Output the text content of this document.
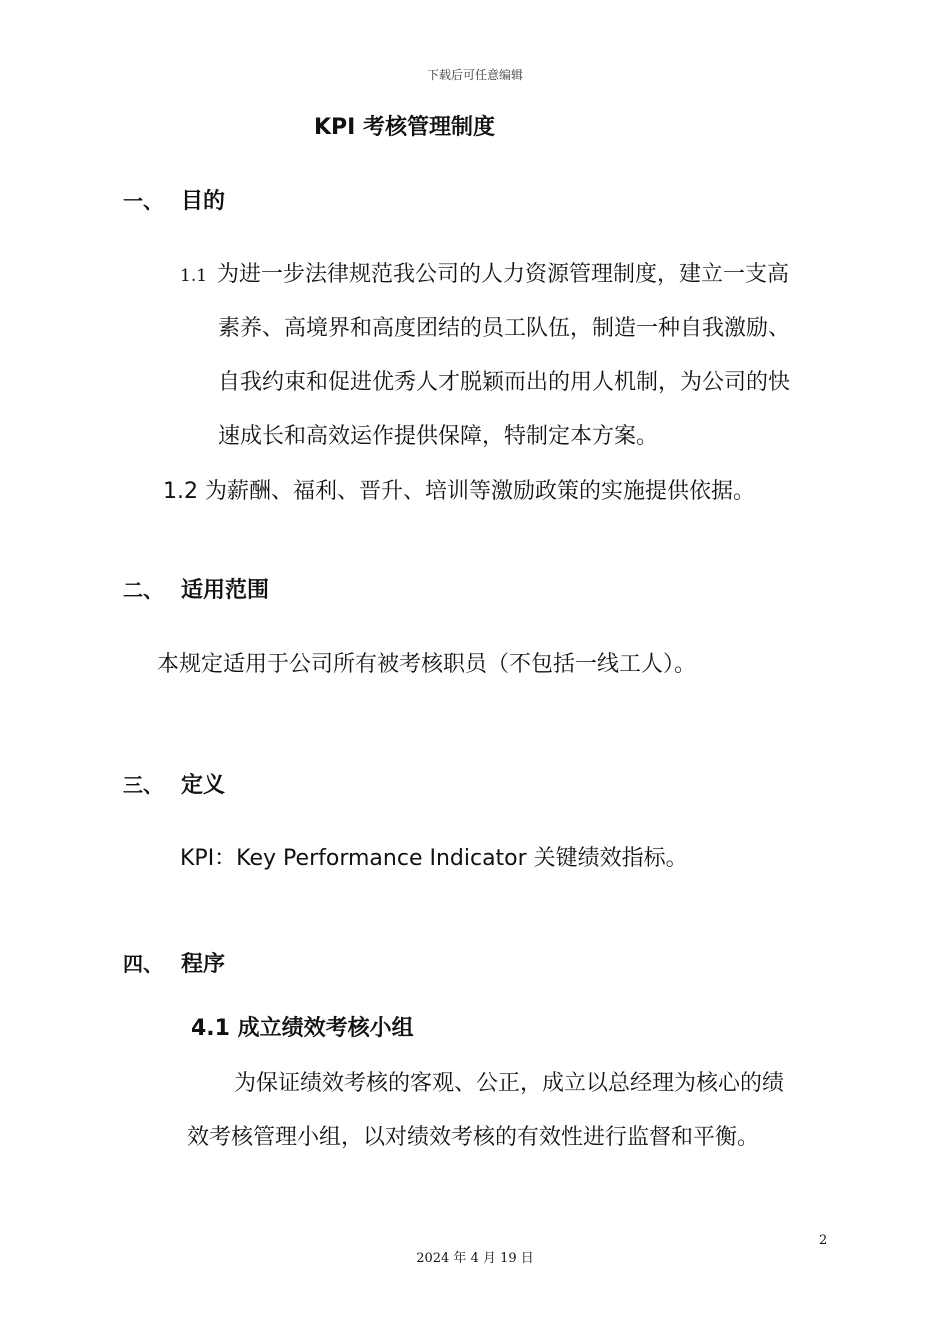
下载后可任意编辑
KPI 考核管理制度
一、 目的
1.1 为进一步法律规范我公司的人力资源管理制度，建立一支高
素养、高境界和高度团结的员工队伍，制造一种自我激励、
自我约束和促进优秀人才脱颖而出的用人机制，为公司的快
速成长和高效运作提供保障，特制定本方案。
1.2 为薪酬、福利、晋升、培训等激励政策的实施提供依据。
二、 适用范围
本规定适用于公司所有被考核职员（不包括一线工人）。
三、 定义
KPI：Key Performance Indicator 关键绩效指标。
四、 程序
4.1 成立绩效考核小组
为保证绩效考核的客观、公正，成立以总经理为核心的绩
效考核管理小组，以对绩效考核的有效性进行监督和平衡。
2
2024 年 4 月 19 日
